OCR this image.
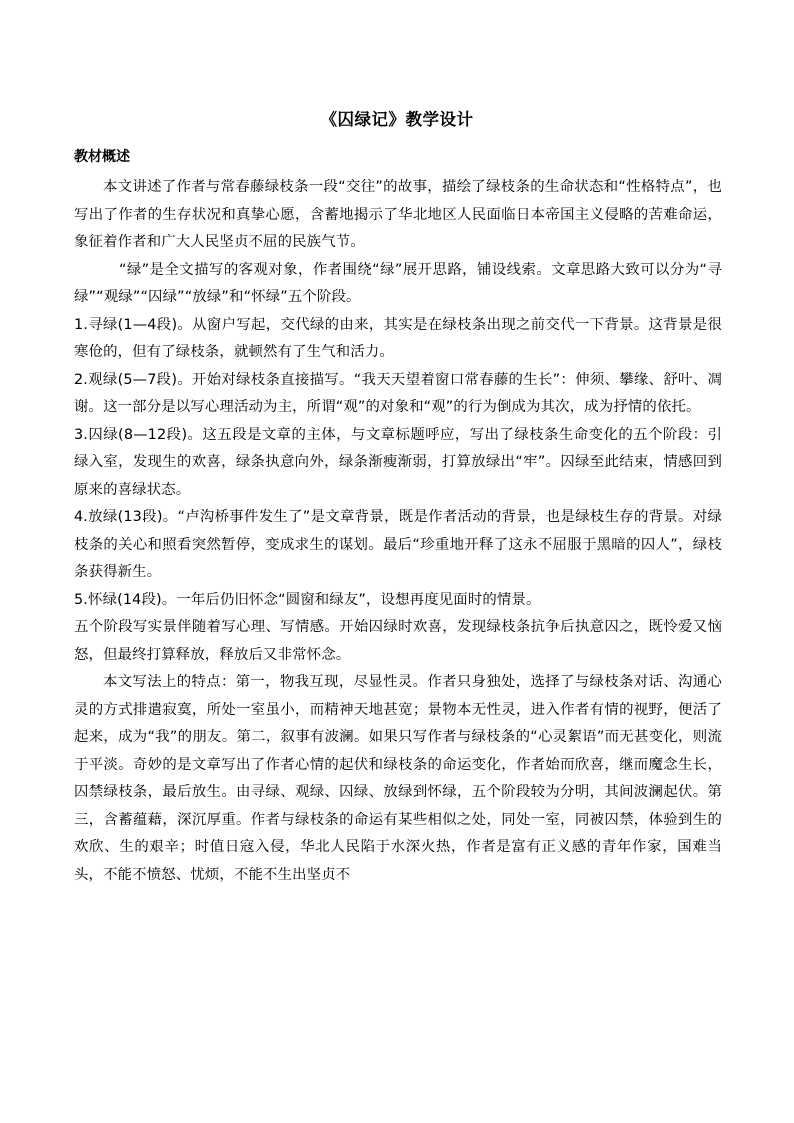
《囚绿记》教学设计
教材概述

本文讲述了作者与常春藤绿枝条一段“交往”的故事，描绘了绿枝条的生命状态和“性格特点”，也写出了作者的生存状况和真挚心愿，含蓄地揭示了华北地区人民面临日本帝国主义侵略的苦难命运，象征着作者和广大人民坚贞不屈的民族气节。

“绿”是全文描写的客观对象，作者围绕“绿”展开思路，铺设线索。文章思路大致可以分为“寻绿”“观绿”“囚绿”“放绿”和“怀绿”五个阶段。

1.寻绿(1—4段)。从窗户写起，交代绿的由来，其实是在绿枝条出现之前交代一下背景。这背景是很寒伧的，但有了绿枝条，就顿然有了生气和活力。

2.观绿(5—7段)。开始对绿枝条直接描写。“我天天望着窗口常春藤的生长”：伸须、攀缘、舒叶、凋谢。这一部分是以写心理活动为主，所谓“观”的对象和“观”的行为倒成为其次，成为抒情的依托。

3.囚绿(8—12段)。这五段是文章的主体，与文章标题呼应，写出了绿枝条生命变化的五个阶段：引绿入室，发现生的欢喜，绿条执意向外，绿条渐瘦渐弱，打算放绿出“牢”。囚绿至此结束，情感回到原来的喜绿状态。

4.放绿(13段)。“卢沟桥事件发生了”是文章背景，既是作者活动的背景，也是绿枝生存的背景。对绿枝条的关心和照看突然暂停，变成求生的谋划。最后“珍重地开释了这永不屈服于黑暗的囚人”，绿枝条获得新生。

5.怀绿(14段)。一年后仍旧怀念“圆窗和绿友”，设想再度见面时的情景。

五个阶段写实景伴随着写心理、写情感。开始囚绿时欢喜，发现绿枝条抗争后执意囚之，既怜爱又恼怒，但最终打算释放，释放后又非常怀念。

本文写法上的特点：第一，物我互现，尽显性灵。作者只身独处，选择了与绿枝条对话、沟通心灵的方式排遣寂寞，所处一室虽小，而精神天地甚宽；景物本无性灵，进入作者有情的视野，便活了起来，成为“我”的朋友。第二，叙事有波澜。如果只写作者与绿枝条的“心灵絮语”而无甚变化，则流于平淡。奇妙的是文章写出了作者心情的起伏和绿枝条的命运变化，作者始而欣喜，继而魔念生长，囚禁绿枝条，最后放生。由寻绿、观绿、囚绿、放绿到怀绿，五个阶段较为分明，其间波澜起伏。第三，含蓄蕴藉，深沉厚重。作者与绿枝条的命运有某些相似之处，同处一室，同被囚禁，体验到生的欢欣、生的艰辛；时值日寇入侵，华北人民陷于水深火热，作者是富有正义感的青年作家，国难当头，不能不愤怒、忧烦，不能不生出坚贞不
